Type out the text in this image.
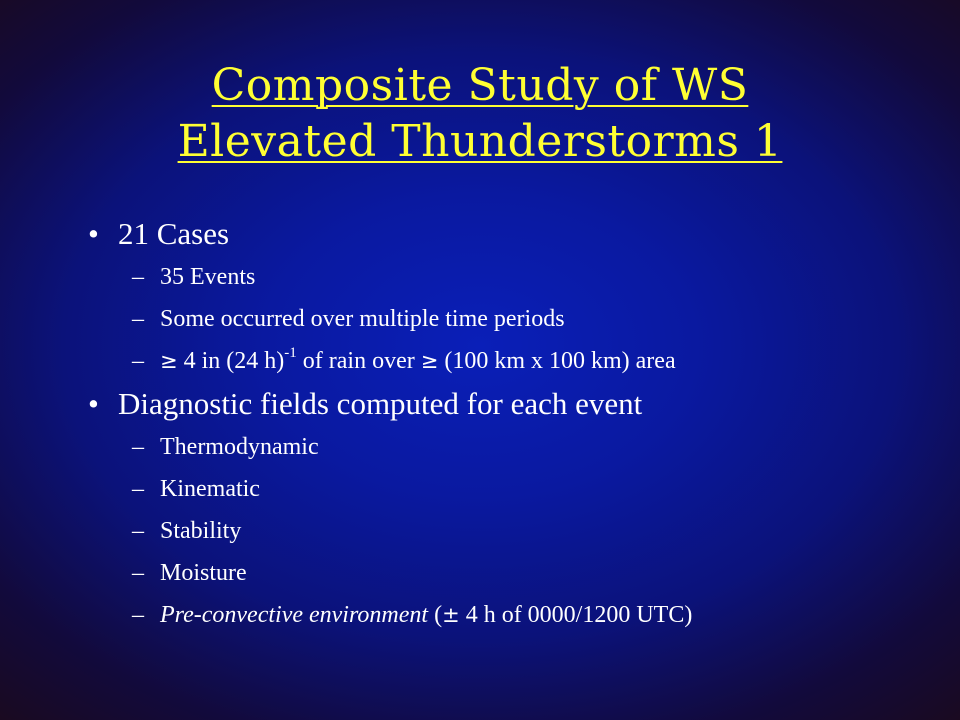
Composite Study of WS
Elevated Thunderstorms 1
• 21 Cases
– 35 Events
– Some occurred over multiple time periods
– ≥ 4 in (24 h)$^{-1}$ of rain over ≥ (100 km x 100 km) area
• Diagnostic fields computed for each event
– Thermodynamic
– Kinematic
– Stability
– Moisture
– Pre-convective environment (± 4 h of 0000/1200 UTC)
